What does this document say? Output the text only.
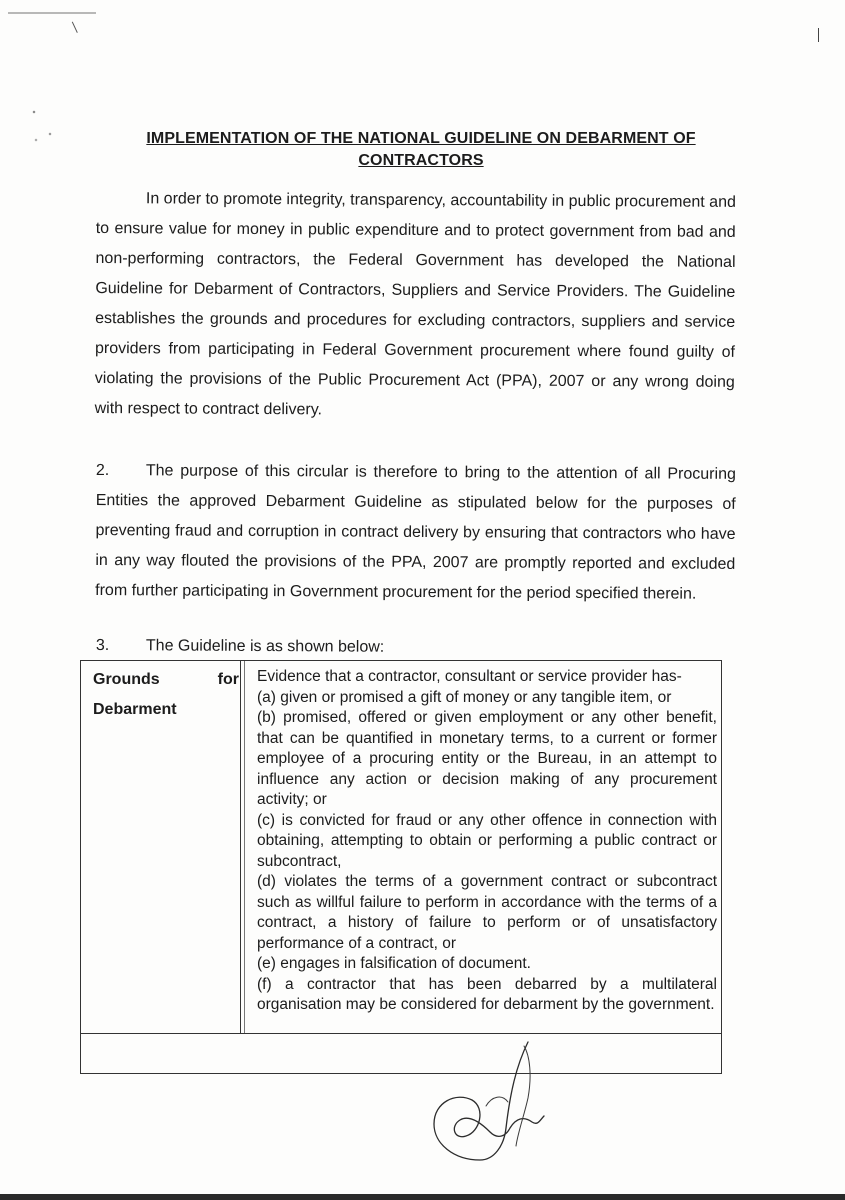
IMPLEMENTATION OF THE NATIONAL GUIDELINE ON DEBARMENT OF CONTRACTORS
In order to promote integrity, transparency, accountability in public procurement and to ensure value for money in public expenditure and to protect government from bad and non-performing contractors, the Federal Government has developed the National Guideline for Debarment of Contractors, Suppliers and Service Providers. The Guideline establishes the grounds and procedures for excluding contractors, suppliers and service providers from participating in Federal Government procurement where found guilty of violating the provisions of the Public Procurement Act (PPA), 2007 or any wrong doing with respect to contract delivery.
2. The purpose of this circular is therefore to bring to the attention of all Procuring Entities the approved Debarment Guideline as stipulated below for the purposes of preventing fraud and corruption in contract delivery by ensuring that contractors who have in any way flouted the provisions of the PPA, 2007 are promptly reported and excluded from further participating in Government procurement for the period specified therein.
3. The Guideline is as shown below:
Grounds	for
Debarment
Evidence that a contractor, consultant or service provider has-
(a) given or promised a gift of money or any tangible item, or
(b) promised, offered or given employment or any other benefit, that can be quantified in monetary terms, to a current or former employee of a procuring entity or the Bureau, in an attempt to influence any action or decision making of any procurement activity; or
(c) is convicted for fraud or any other offence in connection with obtaining, attempting to obtain or performing a public contract or subcontract,
(d) violates the terms of a government contract or subcontract such as willful failure to perform in accordance with the terms of a contract, a history of failure to perform or of unsatisfactory performance of a contract, or
(e) engages in falsification of document.
(f) a contractor that has been debarred by a multilateral organisation may be considered for debarment by the government.
